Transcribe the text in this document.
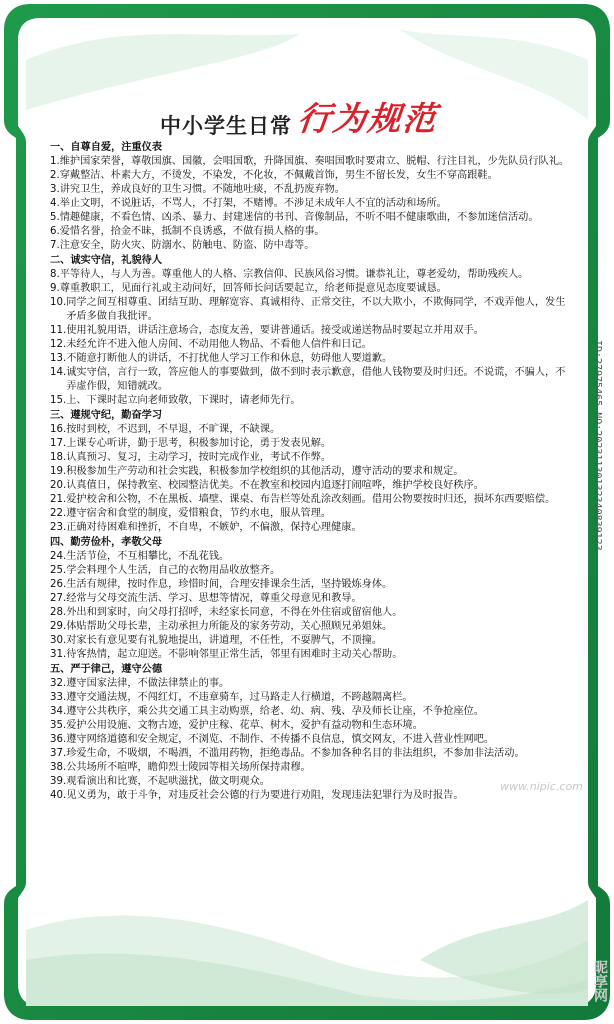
中小学生日常 行为规范
一、自尊自爱，注重仪表
1. 维护国家荣誉，尊敬国旗、国徽，会唱国歌，升降国旗、奏唱国歌时要肃立、脱帽、行注目礼，少先队员行队礼。
2. 穿戴整洁、朴素大方，不烫发，不染发，不化妆，不佩戴首饰，男生不留长发，女生不穿高跟鞋。
3. 讲究卫生，养成良好的卫生习惯。不随地吐痰，不乱扔废弃物。
4. 举止文明，不说脏话，不骂人，不打架，不赌博。不涉足未成年人不宜的活动和场所。
5. 情趣健康，不看色情、凶杀、暴力、封建迷信的书刊、音像制品，不听不唱不健康歌曲，不参加迷信活动。
6. 爱惜名誉，拾金不昧，抵制不良诱惑，不做有损人格的事。
7. 注意安全，防火灾、防溺水、防触电、防盗、防中毒等。
二、诚实守信，礼貌待人
8. 平等待人，与人为善。尊重他人的人格、宗教信仰、民族风俗习惯。谦恭礼让，尊老爱幼，帮助残疾人。
9. 尊重教职工，见面行礼或主动问好，回答师长问话要起立，给老师提意见态度要诚恳。
10. 同学之间互相尊重、团结互助、理解宽容、真诚相待、正常交往，不以大欺小，不欺侮同学，不戏弄他人，发生矛盾多做自我批评。
11. 使用礼貌用语，讲话注意场合，态度友善，要讲普通话。接受或递送物品时要起立并用双手。
12. 未经允许不进入他人房间、不动用他人物品、不看他人信件和日记。
13. 不随意打断他人的讲话，不打扰他人学习工作和休息，妨碍他人要道歉。
14. 诚实守信，言行一致，答应他人的事要做到，做不到时表示歉意，借他人钱物要及时归还。不说谎，不骗人，不弄虚作假，知错就改。
15. 上、下课时起立向老师致敬，下课时，请老师先行。
三、遵规守纪，勤奋学习
16. 按时到校，不迟到，不早退，不旷课，不缺课。
17. 上课专心听讲，勤于思考，积极参加讨论，勇于发表见解。
18. 认真预习、复习，主动学习，按时完成作业，考试不作弊。
19. 积极参加生产劳动和社会实践，积极参加学校组织的其他活动，遵守活动的要求和规定。
20. 认真值日，保持教室、校园整洁优美。不在教室和校园内追逐打闹喧哗，维护学校良好秩序。
21. 爱护校舍和公物，不在黑板、墙壁、课桌、布告栏等处乱涂改刻画。借用公物要按时归还，损坏东西要赔偿。
22. 遵守宿舍和食堂的制度，爱惜粮食，节约水电，服从管理。
23. 正确对待困难和挫折，不自卑，不嫉妒，不偏激，保持心理健康。
四、勤劳俭朴，孝敬父母
24. 生活节俭，不互相攀比，不乱花钱。
25. 学会料理个人生活，自己的衣物用品收放整齐。
26. 生活有规律，按时作息，珍惜时间，合理安排课余生活，坚持锻炼身体。
27. 经常与父母交流生活、学习、思想等情况，尊重父母意见和教导。
28. 外出和到家时，向父母打招呼，未经家长同意，不得在外住宿或留宿他人。
29. 体贴帮助父母长辈，主动承担力所能及的家务劳动，关心照顾兄弟姐妹。
30. 对家长有意见要有礼貌地提出，讲道理，不任性，不耍脾气，不顶撞。
31. 待客热情，起立迎送。不影响邻里正常生活，邻里有困难时主动关心帮助。
五、严于律己，遵守公德
32. 遵守国家法律，不做法律禁止的事。
33. 遵守交通法规，不闯红灯，不违章骑车，过马路走人行横道，不跨越隔离栏。
34. 遵守公共秩序，乘公共交通工具主动购票，给老、幼、病、残、孕及师长让座，不争抢座位。
35. 爱护公用设施、文物古迹，爱护庄稼、花草、树木，爱护有益动物和生态环境。
36. 遵守网络道德和安全规定，不浏览、不制作、不传播不良信息，慎交网友，不进入营业性网吧。
37. 珍爱生命，不吸烟，不喝酒，不滥用药物，拒绝毒品。不参加各种名目的非法组织，不参加非法活动。
38. 公共场所不喧哗，瞻仰烈士陵园等相关场所保持肃穆。
39. 观看演出和比赛，不起哄滋扰，做文明观众。
40. 见义勇为，敢于斗争，对违反社会公德的行为要进行劝阻，发现违法犯罪行为及时报告。
ID:27975465 NO:20231130132340839123
www.nipic.com
昵享网
